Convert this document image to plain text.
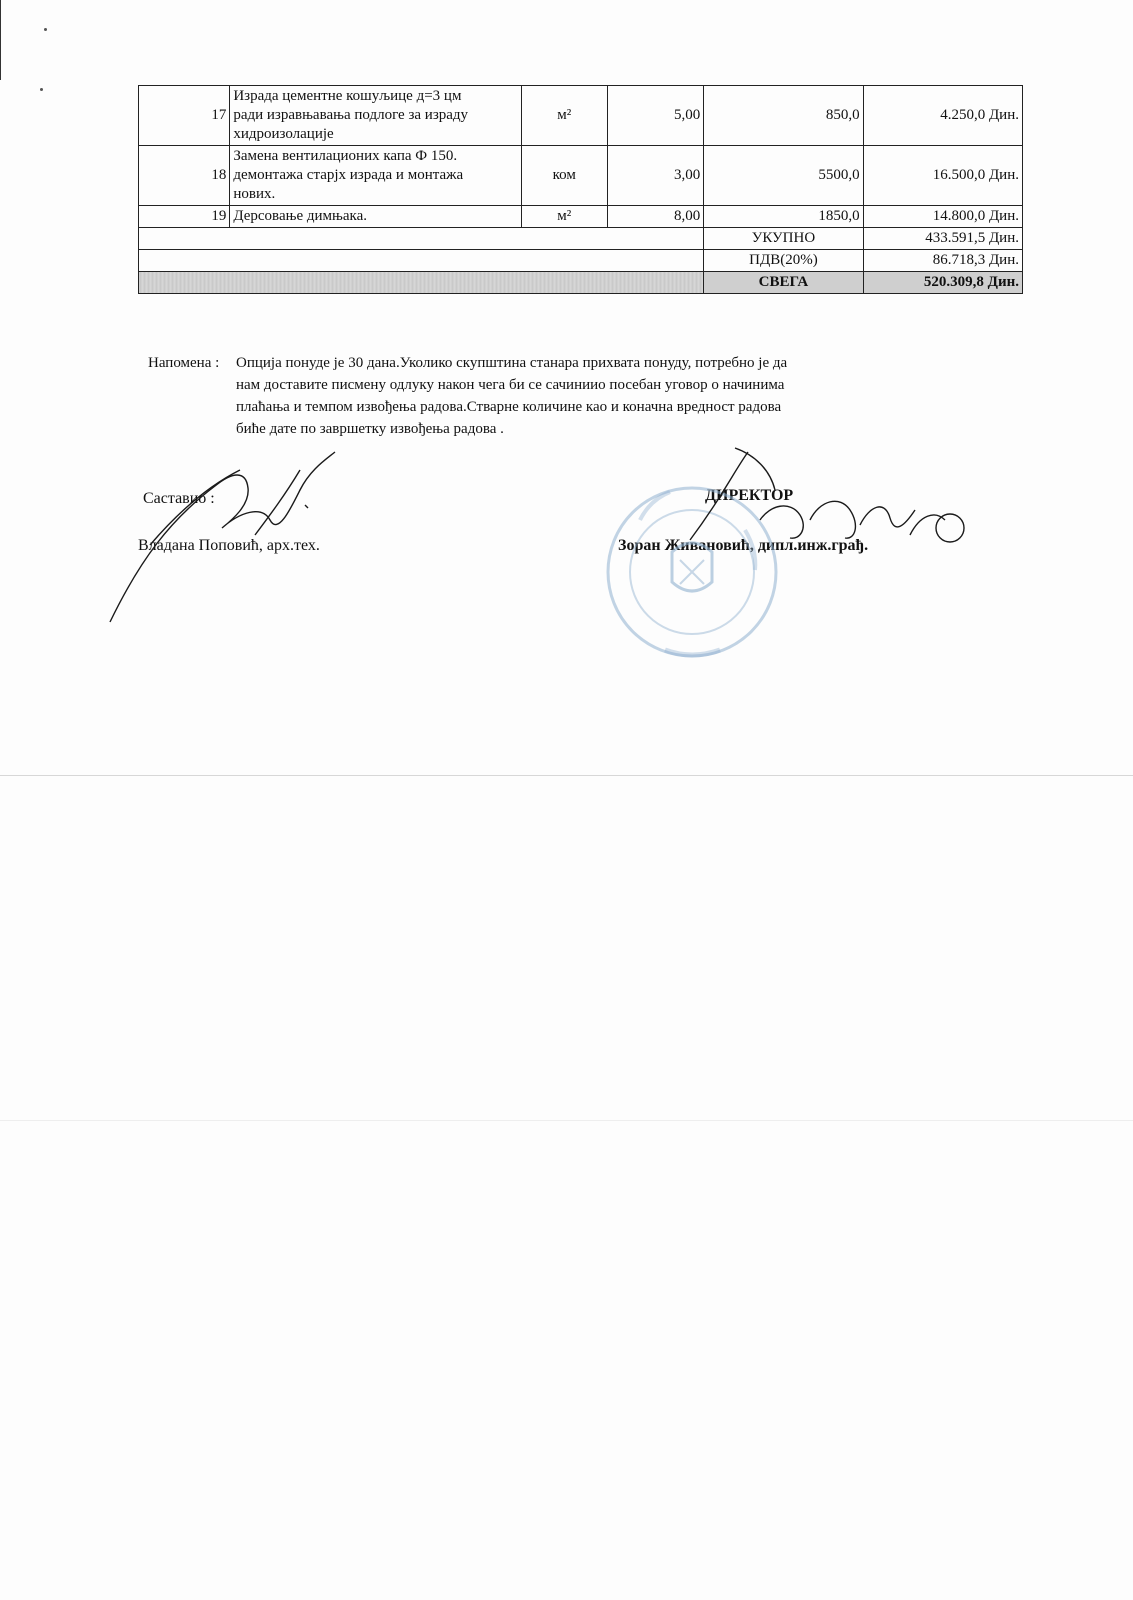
17	Израда цементне кошуљице д=3 цм
ради изравњавања подлоге за израду
хидроизолације	м²	5,00	850,0	4.250,0 Дин.
18	Замена вентилационих капа Ф 150.
демонтажа старјх израда и монтажа
нових.	ком	3,00	5500,0	16.500,0 Дин.
19	Дерсовање димњака.	м²	8,00	1850,0	14.800,0 Дин.
				УКУПНО	433.591,5 Дин.
				ПДВ(20%)	86.718,3 Дин.
				СВЕГА	520.309,8 Дин.
Напомена :	Опција понуде је 30 дана.Уколико скупштина станара прихвата понуду, потребно је да
нам доставите писмену одлуку након чега би се сачиниио посебан уговор о начинима
плаћања и темпом извођења радова.Стварне количине као и коначна вредност радова
биће дате по завршетку извођења радова .
Саставио :
Владана Поповић, арх.тех.
ДИРЕКТОР
Зоран Живановић, дипл.инж.грађ.
